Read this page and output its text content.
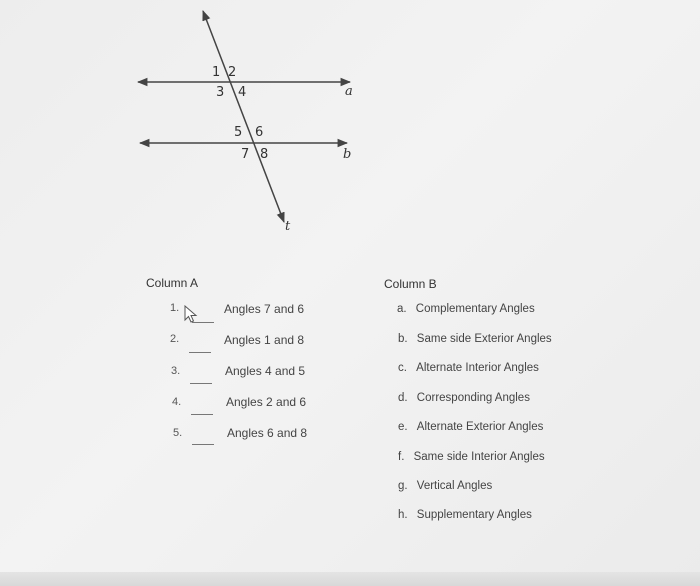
1 2
3 4
5 6
7 8
a
b
t
Column A
1.	Angles 7 and 6
2.	Angles 1 and 8
3.	Angles 4 and 5
4.	Angles 2 and 6
5.	Angles 6 and 8
Column B
a. Complementary Angles
b. Same side Exterior Angles
c. Alternate Interior Angles
d. Corresponding Angles
e. Alternate Exterior Angles
f. Same side Interior Angles
g. Vertical Angles
h. Supplementary Angles
